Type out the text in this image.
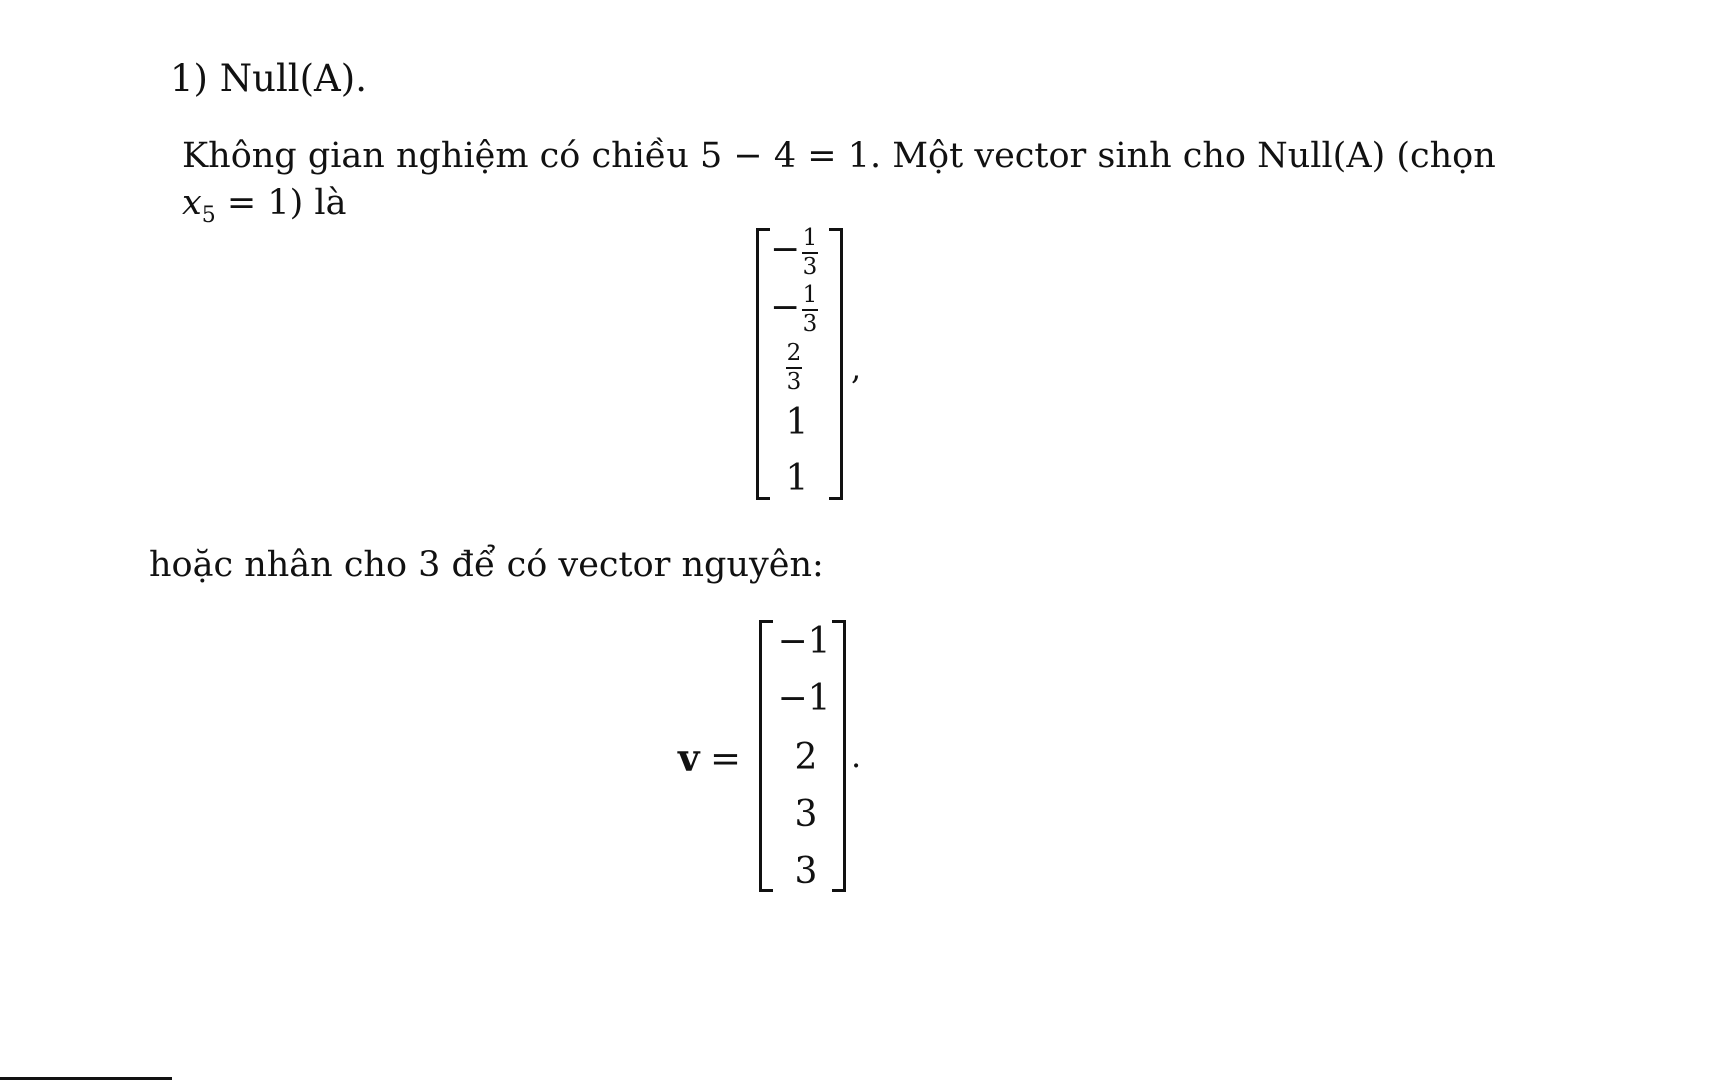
1) Null(A).
Không gian nghiệm có chiều 5 − 4 = 1. Một vector sinh cho Null(A) (chọn
$x_5 = 1$) là
− 1
3
− 1
3
2
3
1
1
,
hoặc nhân cho 3 để có vector nguyên:
v =
−1
−1
2
3
3
.
